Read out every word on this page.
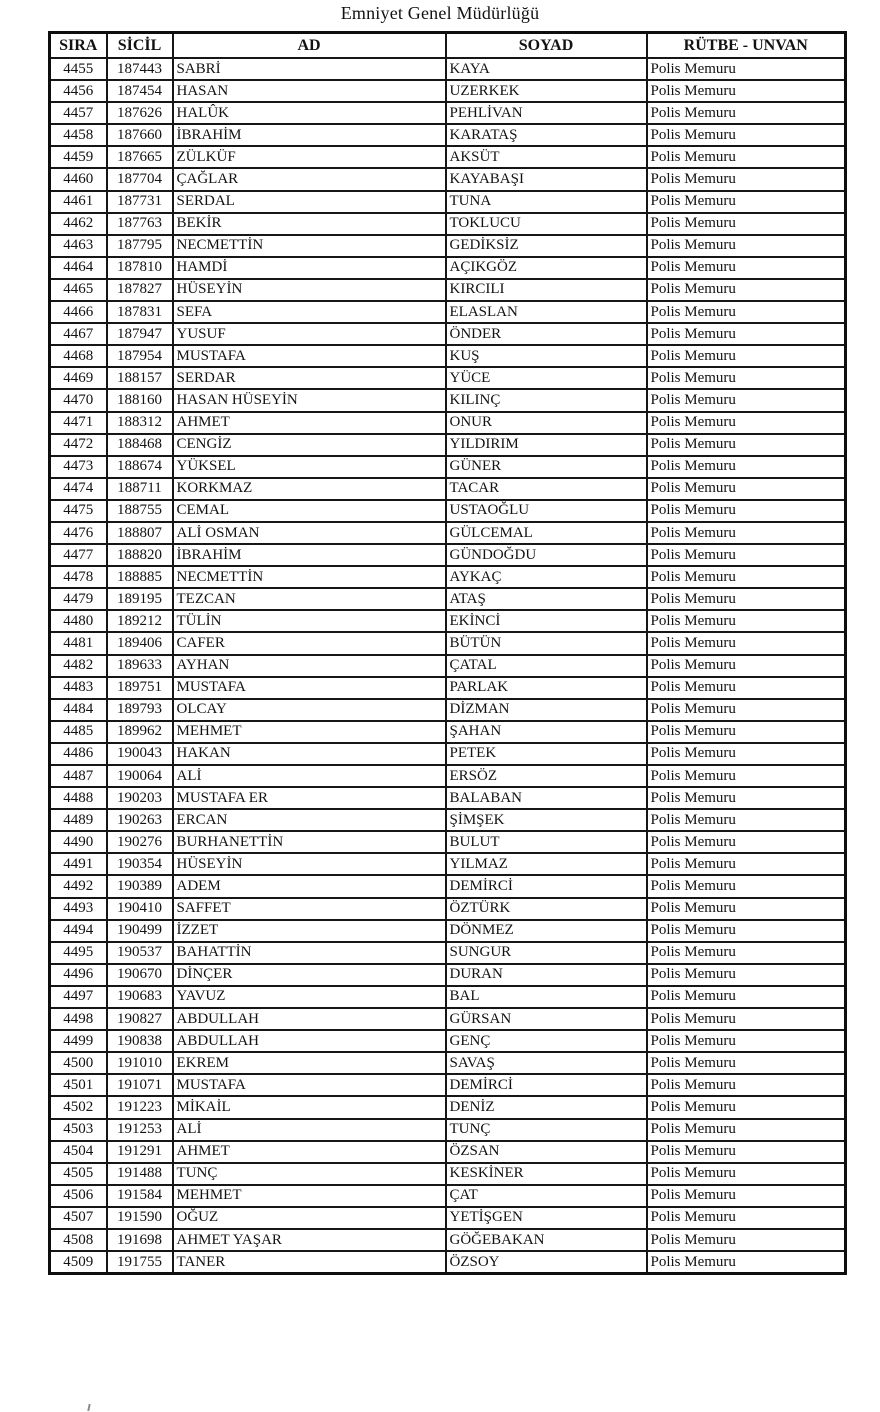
Emniyet Genel Müdürlüğü
SIRA	SİCİL	AD	SOYAD	RÜTBE - UNVAN
4455	187443	SABRİ	KAYA	Polis Memuru
4456	187454	HASAN	UZERKEK	Polis Memuru
4457	187626	HALÛK	PEHLİVAN	Polis Memuru
4458	187660	İBRAHİM	KARATAŞ	Polis Memuru
4459	187665	ZÜLKÜF	AKSÜT	Polis Memuru
4460	187704	ÇAĞLAR	KAYABAŞI	Polis Memuru
4461	187731	SERDAL	TUNA	Polis Memuru
4462	187763	BEKİR	TOKLUCU	Polis Memuru
4463	187795	NECMETTİN	GEDİKSİZ	Polis Memuru
4464	187810	HAMDİ	AÇIKGÖZ	Polis Memuru
4465	187827	HÜSEYİN	KIRCILI	Polis Memuru
4466	187831	SEFA	ELASLAN	Polis Memuru
4467	187947	YUSUF	ÖNDER	Polis Memuru
4468	187954	MUSTAFA	KUŞ	Polis Memuru
4469	188157	SERDAR	YÜCE	Polis Memuru
4470	188160	HASAN HÜSEYİN	KILINÇ	Polis Memuru
4471	188312	AHMET	ONUR	Polis Memuru
4472	188468	CENGİZ	YILDIRIM	Polis Memuru
4473	188674	YÜKSEL	GÜNER	Polis Memuru
4474	188711	KORKMAZ	TACAR	Polis Memuru
4475	188755	CEMAL	USTAOĞLU	Polis Memuru
4476	188807	ALİ OSMAN	GÜLCEMAL	Polis Memuru
4477	188820	İBRAHİM	GÜNDOĞDU	Polis Memuru
4478	188885	NECMETTİN	AYKAÇ	Polis Memuru
4479	189195	TEZCAN	ATAŞ	Polis Memuru
4480	189212	TÜLİN	EKİNCİ	Polis Memuru
4481	189406	CAFER	BÜTÜN	Polis Memuru
4482	189633	AYHAN	ÇATAL	Polis Memuru
4483	189751	MUSTAFA	PARLAK	Polis Memuru
4484	189793	OLCAY	DİZMAN	Polis Memuru
4485	189962	MEHMET	ŞAHAN	Polis Memuru
4486	190043	HAKAN	PETEK	Polis Memuru
4487	190064	ALİ	ERSÖZ	Polis Memuru
4488	190203	MUSTAFA ER	BALABAN	Polis Memuru
4489	190263	ERCAN	ŞİMŞEK	Polis Memuru
4490	190276	BURHANETTİN	BULUT	Polis Memuru
4491	190354	HÜSEYİN	YILMAZ	Polis Memuru
4492	190389	ADEM	DEMİRCİ	Polis Memuru
4493	190410	SAFFET	ÖZTÜRK	Polis Memuru
4494	190499	İZZET	DÖNMEZ	Polis Memuru
4495	190537	BAHATTİN	SUNGUR	Polis Memuru
4496	190670	DİNÇER	DURAN	Polis Memuru
4497	190683	YAVUZ	BAL	Polis Memuru
4498	190827	ABDULLAH	GÜRSAN	Polis Memuru
4499	190838	ABDULLAH	GENÇ	Polis Memuru
4500	191010	EKREM	SAVAŞ	Polis Memuru
4501	191071	MUSTAFA	DEMİRCİ	Polis Memuru
4502	191223	MİKAİL	DENİZ	Polis Memuru
4503	191253	ALİ	TUNÇ	Polis Memuru
4504	191291	AHMET	ÖZSAN	Polis Memuru
4505	191488	TUNÇ	KESKİNER	Polis Memuru
4506	191584	MEHMET	ÇAT	Polis Memuru
4507	191590	OĞUZ	YETİŞGEN	Polis Memuru
4508	191698	AHMET YAŞAR	GÖĞEBAKAN	Polis Memuru
4509	191755	TANER	ÖZSOY	Polis Memuru
